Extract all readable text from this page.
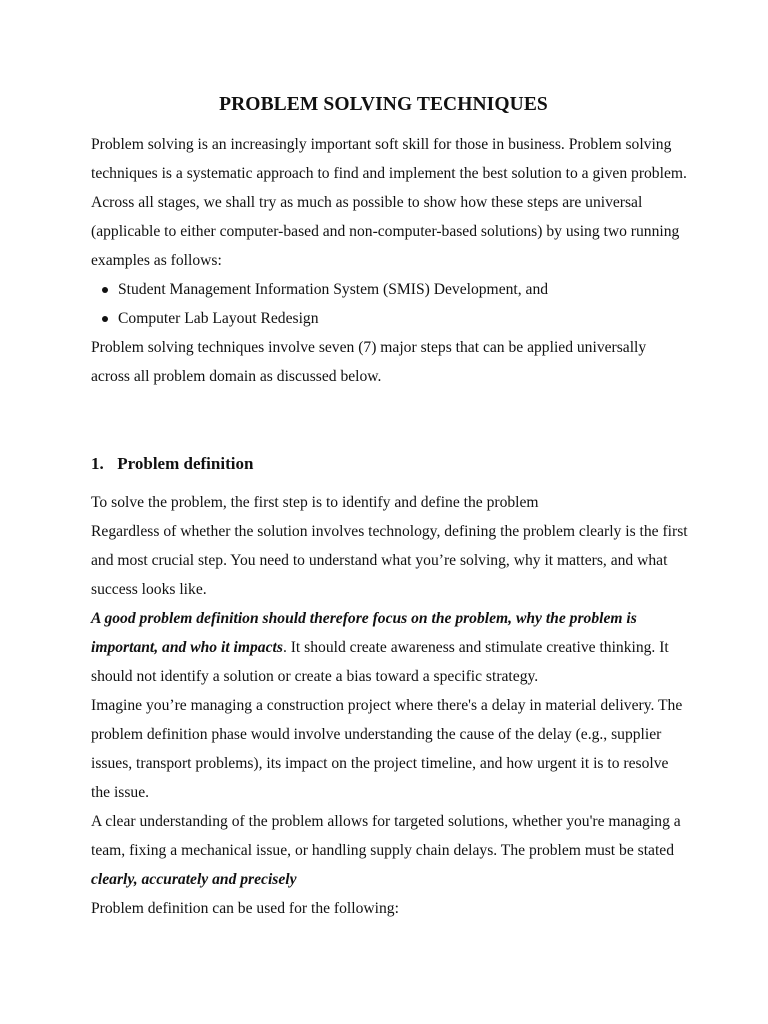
PROBLEM SOLVING TECHNIQUES

Problem solving is an increasingly important soft skill for those in business. Problem solving techniques is a systematic approach to find and implement the best solution to a given problem.

Across all stages, we shall try as much as possible to show how these steps are universal (applicable to either computer-based and non-computer-based solutions) by using two running examples as follows:

Student Management Information System (SMIS) Development, and
Computer Lab Layout Redesign

Problem solving techniques involve seven (7) major steps that can be applied universally across all problem domain as discussed below.

1. Problem definition

To solve the problem, the first step is to identify and define the problem

Regardless of whether the solution involves technology, defining the problem clearly is the first and most crucial step. You need to understand what you’re solving, why it matters, and what success looks like.

A good problem definition should therefore focus on the problem, why the problem is important, and who it impacts. It should create awareness and stimulate creative thinking. It should not identify a solution or create a bias toward a specific strategy.

Imagine you’re managing a construction project where there's a delay in material delivery. The problem definition phase would involve understanding the cause of the delay (e.g., supplier issues, transport problems), its impact on the project timeline, and how urgent it is to resolve the issue.

A clear understanding of the problem allows for targeted solutions, whether you're managing a team, fixing a mechanical issue, or handling supply chain delays. The problem must be stated clearly, accurately and precisely

Problem definition can be used for the following:
